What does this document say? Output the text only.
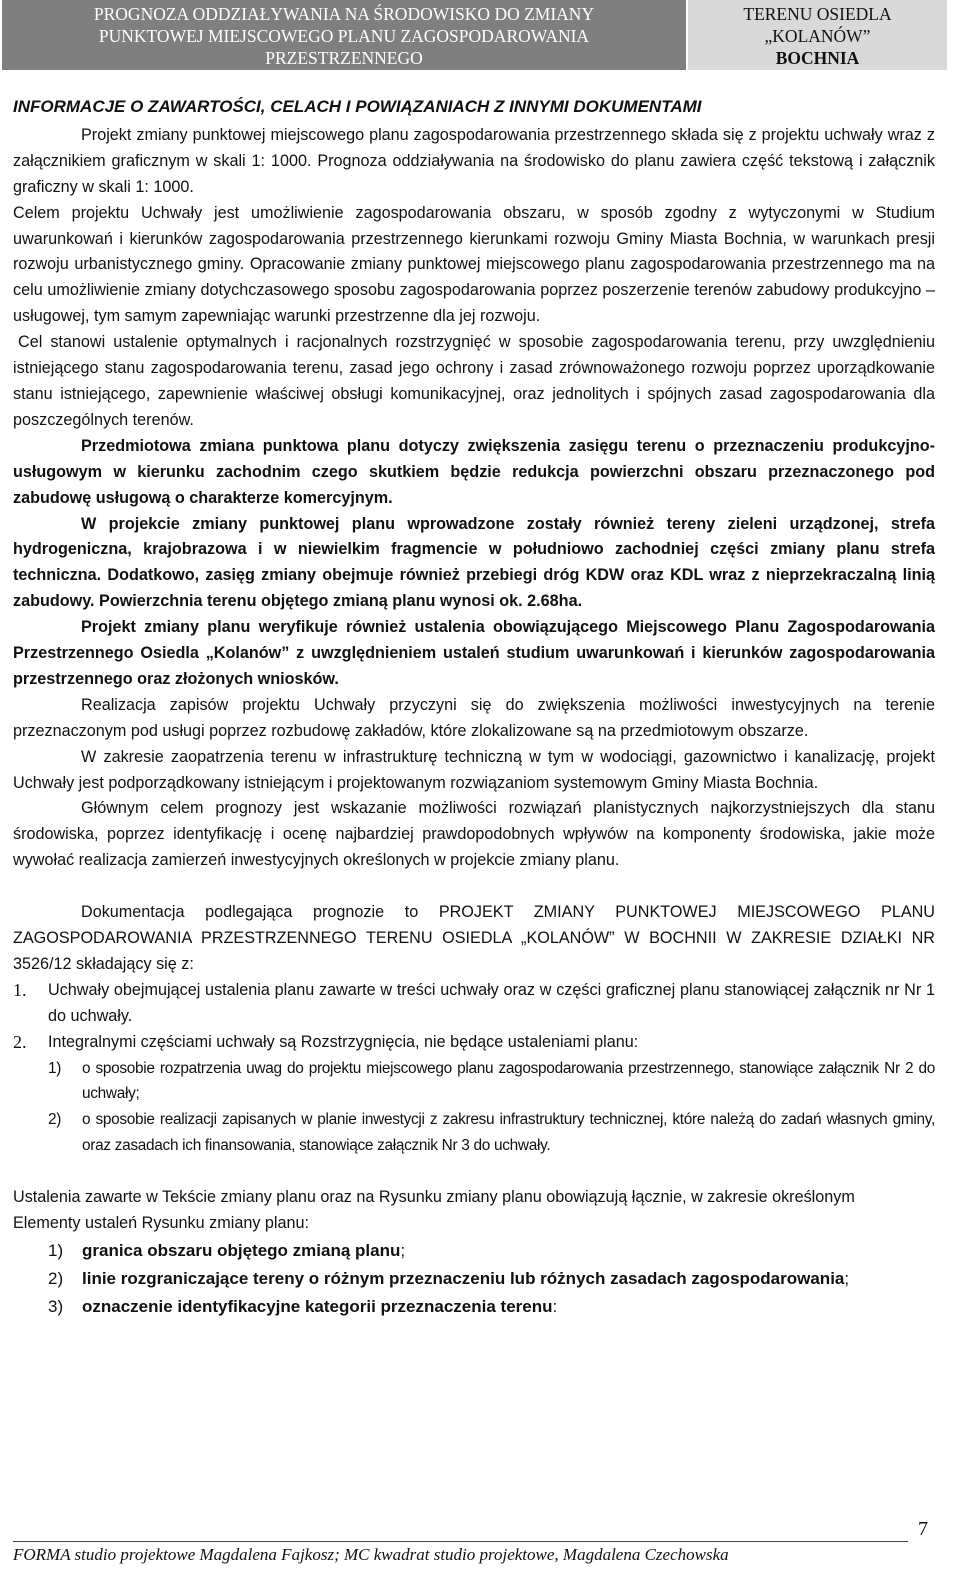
PROGNOZA ODDZIAŁYWANIA NA ŚRODOWISKO DO ZMIANY
PUNKTOWEJ MIEJSCOWEGO PLANU ZAGOSPODAROWANIA
PRZESTRZENNEGO
TERENU OSIEDLA
„KOLANÓW”
BOCHNIA

INFORMACJE O ZAWARTOŚCI, CELACH I POWIĄZANIACH Z INNYMI DOKUMENTAMI

Projekt zmiany punktowej miejscowego planu zagospodarowania przestrzennego składa się z projektu uchwały wraz z załącznikiem graficznym w skali 1: 1000. Prognoza oddziaływania na środowisko do planu zawiera część tekstową i załącznik graficzny w skali 1: 1000.

Celem projektu Uchwały jest umożliwienie zagospodarowania obszaru, w sposób zgodny z wytyczonymi w Studium uwarunkowań i kierunków zagospodarowania przestrzennego kierunkami rozwoju Gminy Miasta Bochnia, w warunkach presji rozwoju urbanistycznego gminy. Opracowanie zmiany punktowej miejscowego planu zagospodarowania przestrzennego ma na celu umożliwienie zmiany dotychczasowego sposobu zagospodarowania poprzez poszerzenie terenów zabudowy produkcyjno – usługowej, tym samym zapewniając warunki przestrzenne dla jej rozwoju.

Cel stanowi ustalenie optymalnych i racjonalnych rozstrzygnięć w sposobie zagospodarowania terenu, przy uwzględnieniu istniejącego stanu zagospodarowania terenu, zasad jego ochrony i zasad zrównoważonego rozwoju poprzez uporządkowanie stanu istniejącego, zapewnienie właściwej obsługi komunikacyjnej, oraz jednolitych i spójnych zasad zagospodarowania dla poszczególnych terenów.

Przedmiotowa zmiana punktowa planu dotyczy zwiększenia zasięgu terenu o przeznaczeniu produkcyjno-usługowym w kierunku zachodnim czego skutkiem będzie redukcja powierzchni obszaru przeznaczonego pod zabudowę usługową o charakterze komercyjnym.

W projekcie zmiany punktowej planu wprowadzone zostały również tereny zieleni urządzonej, strefa hydrogeniczna, krajobrazowa i w niewielkim fragmencie w południowo zachodniej części zmiany planu strefa techniczna. Dodatkowo, zasięg zmiany obejmuje również przebiegi dróg KDW oraz KDL wraz z nieprzekraczalną linią zabudowy. Powierzchnia terenu objętego zmianą planu wynosi ok. 2.68ha.

Projekt zmiany planu weryfikuje również ustalenia obowiązującego Miejscowego Planu Zagospodarowania Przestrzennego Osiedla „Kolanów” z uwzględnieniem ustaleń studium uwarunkowań i kierunków zagospodarowania przestrzennego oraz złożonych wniosków.

Realizacja zapisów projektu Uchwały przyczyni się do zwiększenia możliwości inwestycyjnych na terenie przeznaczonym pod usługi poprzez rozbudowę zakładów, które zlokalizowane są na przedmiotowym obszarze.

W zakresie zaopatrzenia terenu w infrastrukturę techniczną w tym w wodociągi, gazownictwo i kanalizację, projekt Uchwały jest podporządkowany istniejącym i projektowanym rozwiązaniom systemowym Gminy Miasta Bochnia.

Głównym celem prognozy jest wskazanie możliwości rozwiązań planistycznych najkorzystniejszych dla stanu środowiska, poprzez identyfikację i ocenę najbardziej prawdopodobnych wpływów na komponenty środowiska, jakie może wywołać realizacja zamierzeń inwestycyjnych określonych w projekcie zmiany planu.

Dokumentacja podlegająca prognozie to PROJEKT ZMIANY PUNKTOWEJ MIEJSCOWEGO PLANU ZAGOSPODAROWANIA PRZESTRZENNEGO TERENU OSIEDLA „KOLANÓW” W BOCHNII W ZAKRESIE DZIAŁKI NR 3526/12 składający się z:

1.	Uchwały obejmującej ustalenia planu zawarte w treści uchwały oraz w części graficznej planu stanowiącej załącznik nr Nr 1 do uchwały.
2.	Integralnymi częściami uchwały są Rozstrzygnięcia, nie będące ustaleniami planu:
1)	o sposobie rozpatrzenia uwag do projektu miejscowego planu zagospodarowania przestrzennego, stanowiące załącznik Nr 2 do uchwały;
2)	o sposobie realizacji zapisanych w planie inwestycji z zakresu infrastruktury technicznej, które należą do zadań własnych gminy, oraz zasadach ich finansowania, stanowiące załącznik Nr 3 do uchwały.

Ustalenia zawarte w Tekście zmiany planu oraz na Rysunku zmiany planu obowiązują łącznie, w zakresie określonym

Elementy ustaleń Rysunku zmiany planu:

1)	granica obszaru objętego zmianą planu;
2)	linie rozgraniczające tereny o różnym przeznaczeniu lub różnych zasadach zagospodarowania;
3)	oznaczenie identyfikacyjne kategorii przeznaczenia terenu:
7
FORMA studio projektowe Magdalena Fajkosz; MC kwadrat studio projektowe, Magdalena Czechowska
